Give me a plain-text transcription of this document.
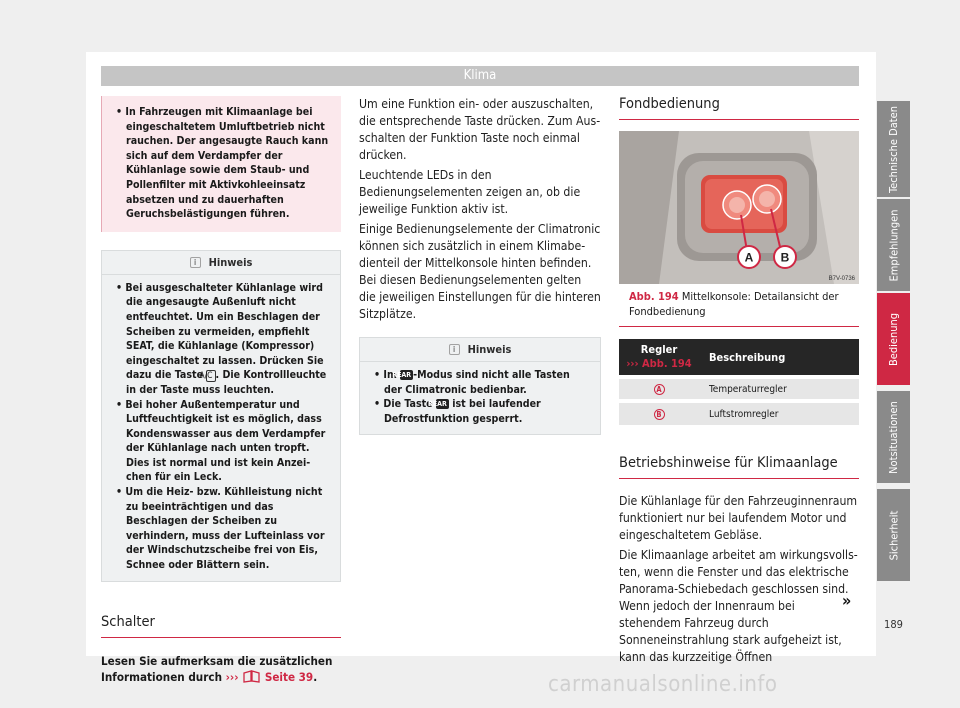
Klima
• In Fahrzeugen mit Klimaanlage bei eingeschaltetem Umluftbetrieb nicht rauchen. Der angesaugte Rauch kann sich auf dem Verdampfer der Kühlanlage sowie dem Staub- und Pollenfilter mit Aktivkohleeinsatz absetzen und zu dauerhaften Geruchsbelästigungen führen.
i	Hinweis
• Bei ausgeschalteter Kühlanlage wird die angesaugte Außenluft nicht entfeuchtet. Um ein Beschlagen der Scheiben zu vermeiden, empfiehlt SEAT, die Kühlanlage (Kompressor) eingeschaltet zu lassen. Drücken Sie dazu die Taste A/C . Die Kontrollleuchte in der Taste muss leuchten.
• Bei hoher Außentemperatur und Luftfeuchtigkeit ist es möglich, dass Kondenswasser aus dem Verdampfer der Kühlanlage nach unten tropft. Dies ist normal und ist kein Anzeichen für ein Leck.
• Um die Heiz- bzw. Kühlleistung nicht zu beeinträchtigen und das Beschlagen der Scheiben zu verhindern, muss der Lufteinlass vor der Windschutzscheibe frei von Eis, Schnee oder Blättern sein.
Schalter
Lesen Sie aufmerksam die zusätzlichen Informationen durch ››› Seite 39.
Um eine Funktion ein- oder auszuschalten, die entsprechende Taste drücken. Zum Ausschalten der Funktion Taste noch einmal drücken.
Leuchtende LEDs in den Bedienungselementen zeigen an, ob die jeweilige Funktion aktiv ist.
Einige Bedienungselemente der Climatronic können sich zusätzlich in einem Klimabedienteil der Mittelkonsole hinten befinden. Bei diesen Bedienungselementen gelten die jeweiligen Einstellungen für die hinteren Sitzplätze.
i	Hinweis
• Im REAR -Modus sind nicht alle Tasten der Climatronic bedienbar.
• Die Taste REAR ist bei laufender Defrostfunktion gesperrt.
Fondbedienung
A B
B7V-0736
Abb. 194 Mittelkonsole: Detailansicht der Fondbedienung
Regler
››› Abb. 194	Beschreibung
A	Temperaturregler
B	Luftstromregler
Betriebshinweise für Klimaanlage
Die Kühlanlage für den Fahrzeuginnenraum funktioniert nur bei laufendem Motor und eingeschaltetem Gebläse.
Die Klimaanlage arbeitet am wirkungsvollsten, wenn die Fenster und das elektrische Panorama-Schiebedach geschlossen sind. Wenn jedoch der Innenraum bei stehendem Fahrzeug durch Sonneneinstrahlung stark aufgeheizt ist, kann das kurzzeitige Öffnen
Technische Daten
Empfehlungen
Bedienung
Notsituationen
Sicherheit
»
189
carmanualsonline.info
